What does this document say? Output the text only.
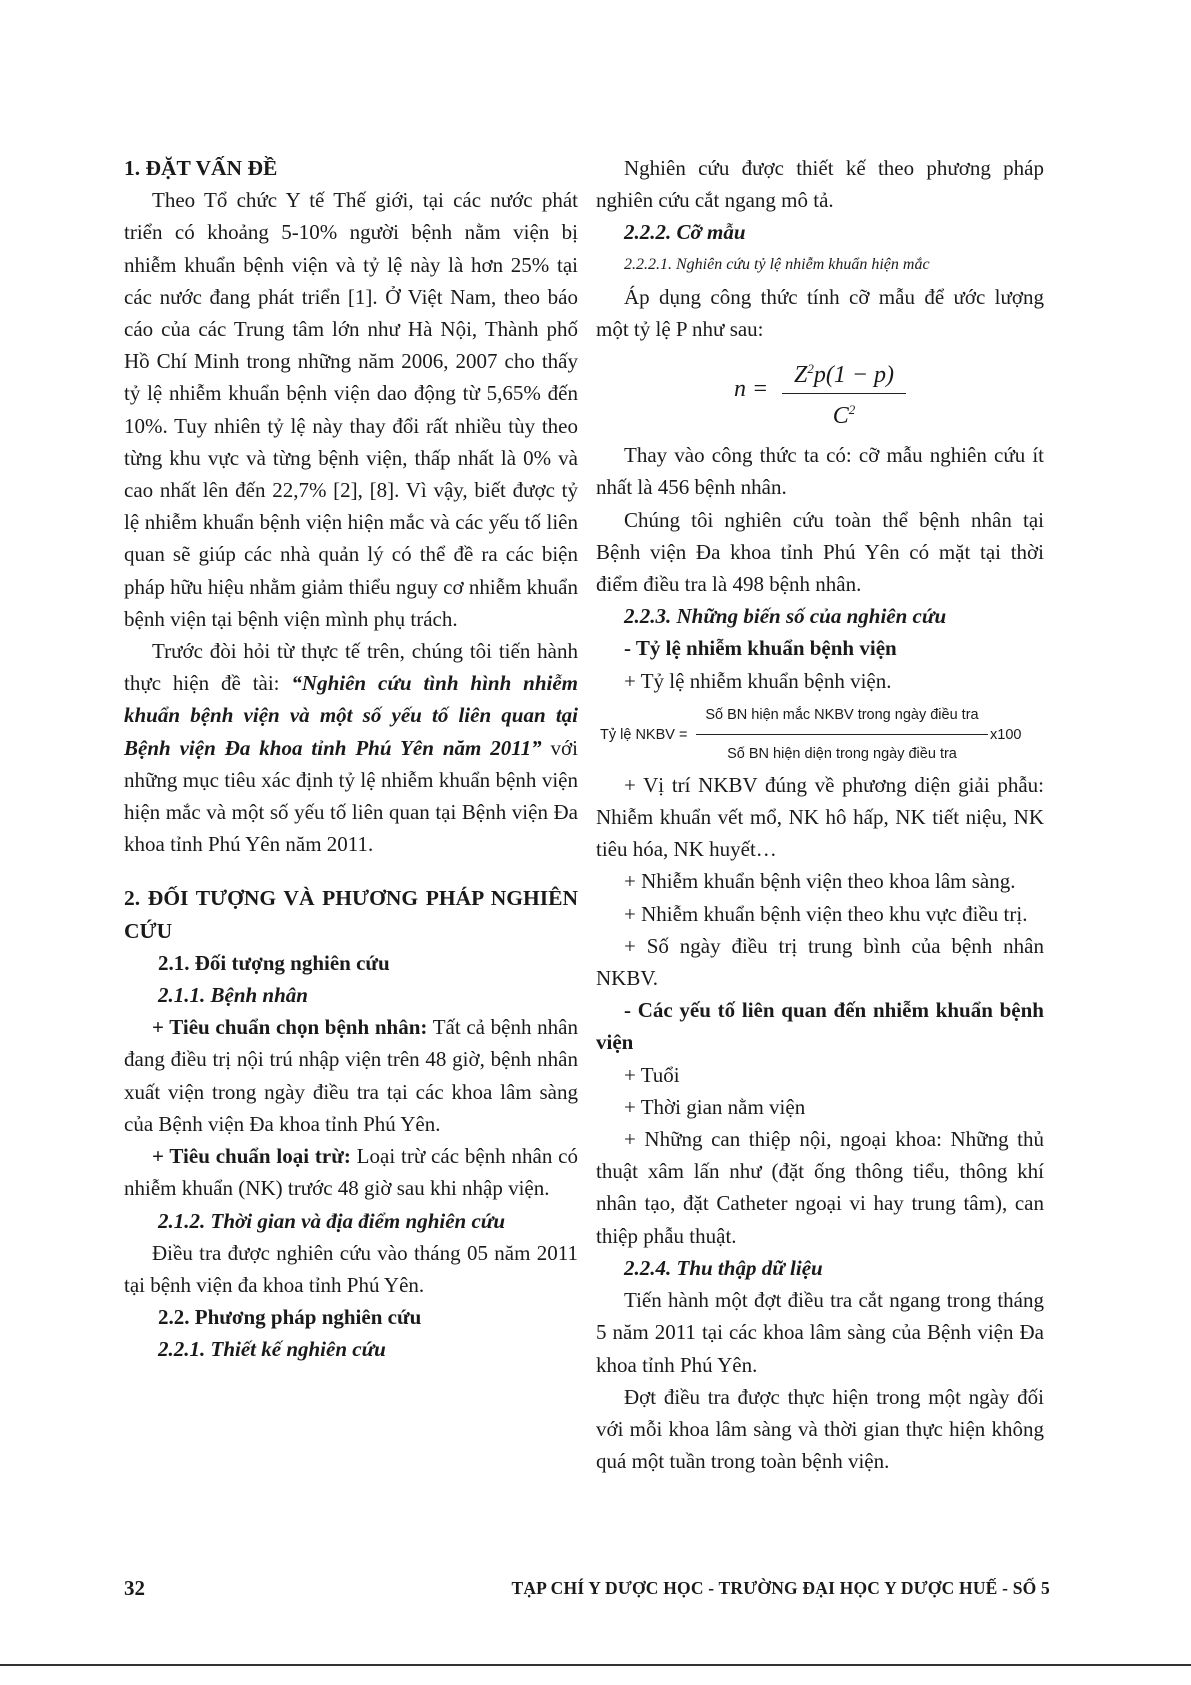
1. ĐẶT VẤN ĐỀ

Theo Tổ chức Y tế Thế giới, tại các nước phát triển có khoảng 5-10% người bệnh nằm viện bị nhiễm khuẩn bệnh viện và tỷ lệ này là hơn 25% tại các nước đang phát triển [1]. Ở Việt Nam, theo báo cáo của các Trung tâm lớn như Hà Nội, Thành phố Hồ Chí Minh trong những năm 2006, 2007 cho thấy tỷ lệ nhiễm khuẩn bệnh viện dao động từ 5,65% đến 10%. Tuy nhiên tỷ lệ này thay đổi rất nhiều tùy theo từng khu vực và từng bệnh viện, thấp nhất là 0% và cao nhất lên đến 22,7% [2], [8]. Vì vậy, biết được tỷ lệ nhiễm khuẩn bệnh viện hiện mắc và các yếu tố liên quan sẽ giúp các nhà quản lý có thể đề ra các biện pháp hữu hiệu nhằm giảm thiểu nguy cơ nhiễm khuẩn bệnh viện tại bệnh viện mình phụ trách.

Trước đòi hỏi từ thực tế trên, chúng tôi tiến hành thực hiện đề tài: “Nghiên cứu tình hình nhiễm khuẩn bệnh viện và một số yếu tố liên quan tại Bệnh viện Đa khoa tỉnh Phú Yên năm 2011” với những mục tiêu xác định tỷ lệ nhiễm khuẩn bệnh viện hiện mắc và một số yếu tố liên quan tại Bệnh viện Đa khoa tỉnh Phú Yên năm 2011.

2. ĐỐI TƯỢNG VÀ PHƯƠNG PHÁP NGHIÊN CỨU

2.1. Đối tượng nghiên cứu

2.1.1. Bệnh nhân

+ Tiêu chuẩn chọn bệnh nhân: Tất cả bệnh nhân đang điều trị nội trú nhập viện trên 48 giờ, bệnh nhân xuất viện trong ngày điều tra tại các khoa lâm sàng của Bệnh viện Đa khoa tỉnh Phú Yên.

+ Tiêu chuẩn loại trừ: Loại trừ các bệnh nhân có nhiễm khuẩn (NK) trước 48 giờ sau khi nhập viện.

2.1.2. Thời gian và địa điểm nghiên cứu

Điều tra được nghiên cứu vào tháng 05 năm 2011 tại bệnh viện đa khoa tỉnh Phú Yên.

2.2. Phương pháp nghiên cứu

2.2.1. Thiết kế nghiên cứu

Nghiên cứu được thiết kế theo phương pháp nghiên cứu cắt ngang mô tả.

2.2.2. Cỡ mẫu

2.2.2.1. Nghiên cứu tỷ lệ nhiễm khuẩn hiện mắc

Áp dụng công thức tính cỡ mẫu để ước lượng một tỷ lệ P như sau:

$n = \frac{Z^2p(1 - p)}{C^2}$

Thay vào công thức ta có: cỡ mẫu nghiên cứu ít nhất là 456 bệnh nhân.

Chúng tôi nghiên cứu toàn thể bệnh nhân tại Bệnh viện Đa khoa tỉnh Phú Yên có mặt tại thời điểm điều tra là 498 bệnh nhân.

2.2.3. Những biến số của nghiên cứu

- Tỷ lệ nhiễm khuẩn bệnh viện

+ Tỷ lệ nhiễm khuẩn bệnh viện.

Tỷ lệ NKBV =
Số BN hiện mắc NKBV trong ngày điều tra
Số BN hiện diện trong ngày điều tra
x100

+ Vị trí NKBV đúng về phương diện giải phẫu: Nhiễm khuẩn vết mổ, NK hô hấp, NK tiết niệu, NK tiêu hóa, NK huyết…

+ Nhiễm khuẩn bệnh viện theo khoa lâm sàng.

+ Nhiễm khuẩn bệnh viện theo khu vực điều trị.

+ Số ngày điều trị trung bình của bệnh nhân NKBV.

- Các yếu tố liên quan đến nhiễm khuẩn bệnh viện

+ Tuổi

+ Thời gian nằm viện

+ Những can thiệp nội, ngoại khoa: Những thủ thuật xâm lấn như (đặt ống thông tiểu, thông khí nhân tạo, đặt Catheter ngoại vi hay trung tâm), can thiệp phẫu thuật.

2.2.4. Thu thập dữ liệu

Tiến hành một đợt điều tra cắt ngang trong tháng 5 năm 2011 tại các khoa lâm sàng của Bệnh viện Đa khoa tỉnh Phú Yên.

Đợt điều tra được thực hiện trong một ngày đối với mỗi khoa lâm sàng và thời gian thực hiện không quá một tuần trong toàn bệnh viện.

32	TẠP CHÍ Y DƯỢC HỌC - TRƯỜNG ĐẠI HỌC Y DƯỢC HUẾ - SỐ 5
